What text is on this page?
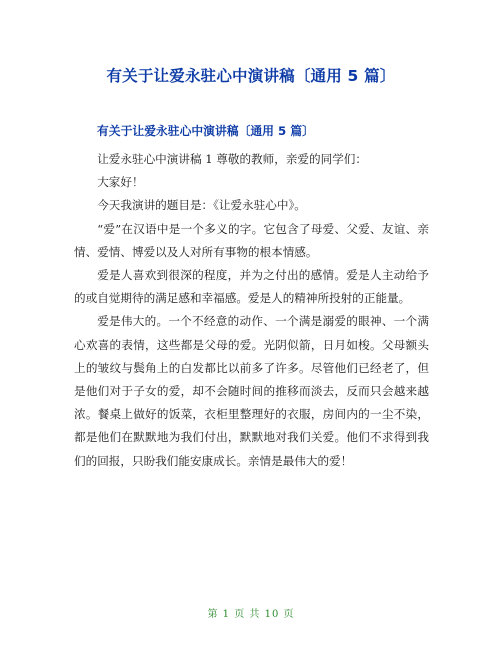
有关于让爱永驻心中演讲稿〔通用 5 篇〕
有关于让爱永驻心中演讲稿〔通用 5 篇〕

让爱永驻心中演讲稿 1 尊敬的教师，亲爱的同学们：

大家好！

今天我演讲的题目是：《让爱永驻心中》。

“爱”在汉语中是一个多义的字。它包含了母爱、父爱、友谊、亲情、爱情、博爱以及人对所有事物的根本情感。

爱是人喜欢到很深的程度，并为之付出的感情。爱是人主动给予的或自觉期待的满足感和幸福感。爱是人的精神所投射的正能量。

爱是伟大的。一个不经意的动作、一个满是溺爱的眼神、一个满心欢喜的表情，这些都是父母的爱。光阴似箭，日月如梭。父母额头上的皱纹与鬓角上的白发都比以前多了许多。尽管他们已经老了，但是他们对于子女的爱，却不会随时间的推移而淡去，反而只会越来越浓。餐桌上做好的饭菜，衣柜里整理好的衣服，房间内的一尘不染，都是他们在默默地为我们付出，默默地对我们关爱。他们不求得到我们的回报，只盼我们能安康成长。亲情是最伟大的爱！

第 1 页 共 10 页
